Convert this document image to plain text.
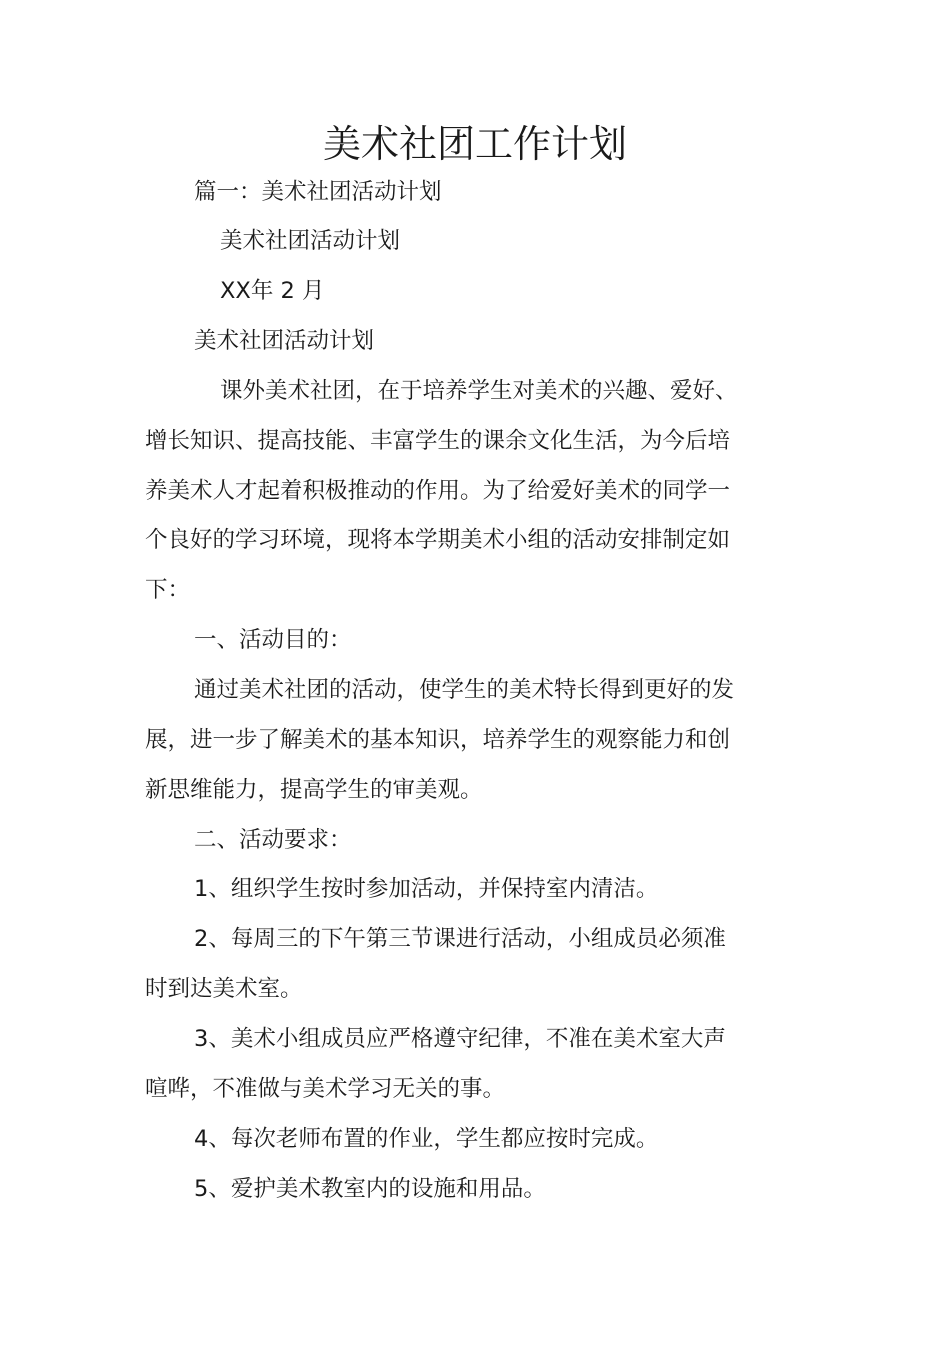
美术社团工作计划

篇一：美术社团活动计划

美术社团活动计划

XX年 2 月

美术社团活动计划

课外美术社团，在于培养学生对美术的兴趣、爱好、

增长知识、提高技能、丰富学生的课余文化生活，为今后培

养美术人才起着积极推动的作用。为了给爱好美术的同学一

个良好的学习环境，现将本学期美术小组的活动安排制定如

下：

一、活动目的：

通过美术社团的活动，使学生的美术特长得到更好的发

展，进一步了解美术的基本知识，培养学生的观察能力和创

新思维能力，提高学生的审美观。

二、活动要求：

1、组织学生按时参加活动，并保持室内清洁。

2、每周三的下午第三节课进行活动，小组成员必须准

时到达美术室。

3、美术小组成员应严格遵守纪律，不准在美术室大声

喧哗，不准做与美术学习无关的事。

4、每次老师布置的作业，学生都应按时完成。

5、爱护美术教室内的设施和用品。
